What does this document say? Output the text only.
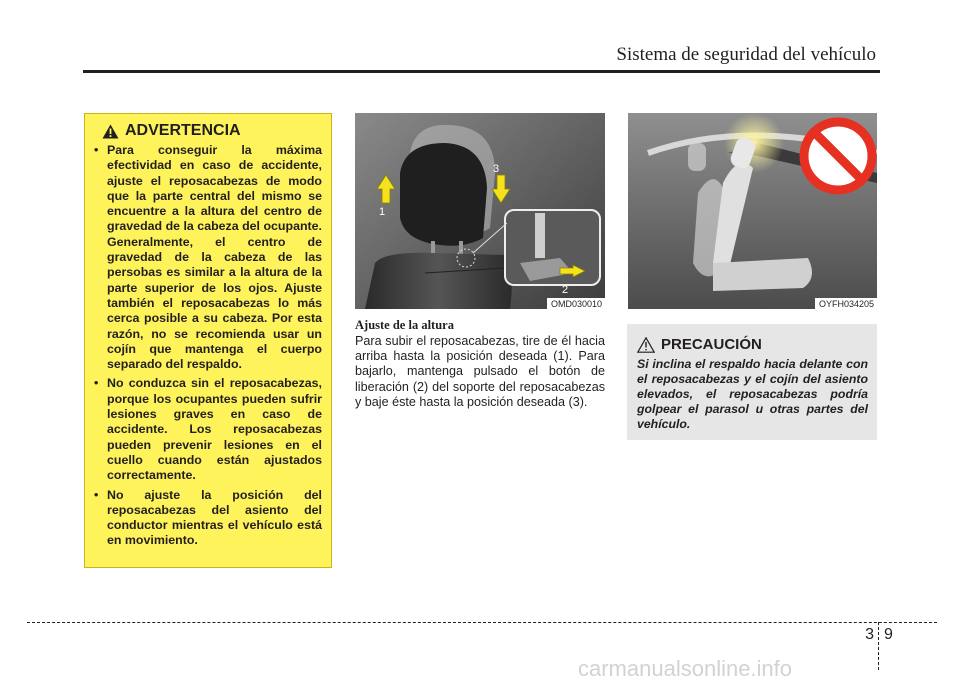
Sistema de seguridad del vehículo
ADVERTENCIA
• Para conseguir la máxima efectividad en caso de accidente, ajuste el reposacabezas de modo que la parte central del mismo se encuentre a la altura del centro de gravedad de la cabeza del ocupante. Generalmente, el centro de gravedad de la cabeza de las persobas es similar a la altura de la parte superior de los ojos. Ajuste también el reposacabezas lo más cerca posible a su cabeza. Por esta razón, no se recomienda usar un cojín que mantenga el cuerpo separado del respaldo.
• No conduzca sin el reposacabezas, porque los ocupantes pueden sufrir lesiones graves en caso de accidente. Los reposacabezas pueden prevenir lesiones en el cuello cuando están ajustados correctamente.
• No ajuste la posición del reposacabezas del asiento del conductor mientras el vehículo está en movimiento.
1
3
2
OMD030010	OYFH034205
Ajuste de la altura

Para subir el reposacabezas, tire de él hacia arriba hasta la posición deseada (1). Para bajarlo, mantenga pulsado el botón de liberación (2) del soporte del reposacabezas y baje éste hasta la posición deseada (3).

PRECAUCIÓN

Si inclina el respaldo hacia delante con el reposacabezas y el cojín del asiento elevados, el reposacabezas podría golpear el parasol u otras partes del vehículo.

3 9
carmanualsonline.info
